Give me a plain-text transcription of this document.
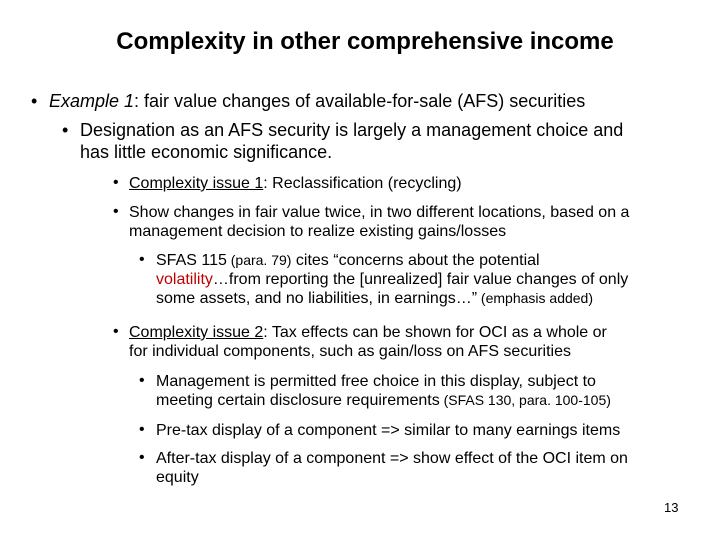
Complexity in other comprehensive income
• Example 1: fair value changes of available-for-sale (AFS) securities
• Designation as an AFS security is largely a management choice and
has little economic significance.
• Complexity issue 1: Reclassification (recycling)
• Show changes in fair value twice, in two different locations, based on a
management decision to realize existing gains/losses
• SFAS 115 (para. 79) cites “concerns about the potential
volatility…from reporting the [unrealized] fair value changes of only
some assets, and no liabilities, in earnings…” (emphasis added)
• Complexity issue 2: Tax effects can be shown for OCI as a whole or
for individual components, such as gain/loss on AFS securities
• Management is permitted free choice in this display, subject to
meeting certain disclosure requirements (SFAS 130, para. 100-105)
• Pre-tax display of a component => similar to many earnings items
• After-tax display of a component => show effect of the OCI item on
equity
13
